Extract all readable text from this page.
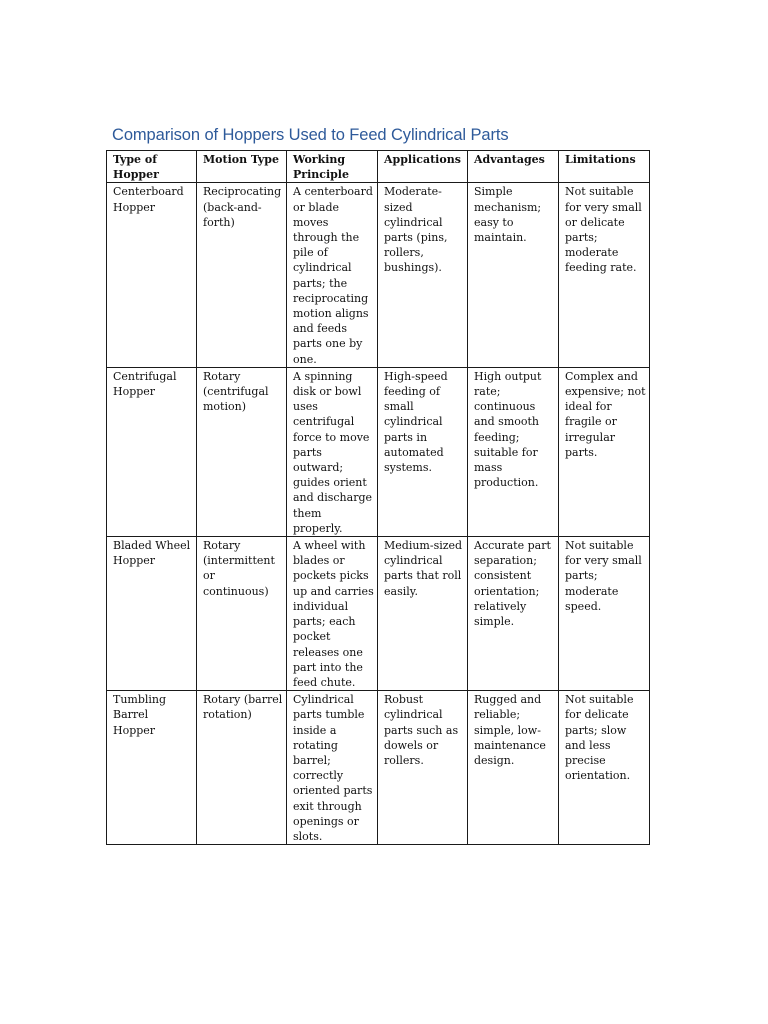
Comparison of Hoppers Used to Feed Cylindrical Parts
Type of Hopper	Motion Type	Working Principle	Applications	Advantages	Limitations
Centerboard Hopper	Reciprocating (back-and-forth)	A centerboard or blade moves through the pile of cylindrical parts; the reciprocating motion aligns and feeds parts one by one.	Moderate-sized cylindrical parts (pins, rollers, bushings).	Simple mechanism; easy to maintain.	Not suitable for very small or delicate parts; moderate feeding rate.
Centrifugal Hopper	Rotary (centrifugal motion)	A spinning disk or bowl uses centrifugal force to move parts outward; guides orient and discharge them properly.	High-speed feeding of small cylindrical parts in automated systems.	High output rate; continuous and smooth feeding; suitable for mass production.	Complex and expensive; not ideal for fragile or irregular parts.
Bladed Wheel Hopper	Rotary (intermittent or continuous)	A wheel with blades or pockets picks up and carries individual parts; each pocket releases one part into the feed chute.	Medium-sized cylindrical parts that roll easily.	Accurate part separation; consistent orientation; relatively simple.	Not suitable for very small parts; moderate speed.
Tumbling Barrel Hopper	Rotary (barrel rotation)	Cylindrical parts tumble inside a rotating barrel; correctly oriented parts exit through openings or slots.	Robust cylindrical parts such as dowels or rollers.	Rugged and reliable; simple, low-maintenance design.	Not suitable for delicate parts; slow and less precise orientation.
